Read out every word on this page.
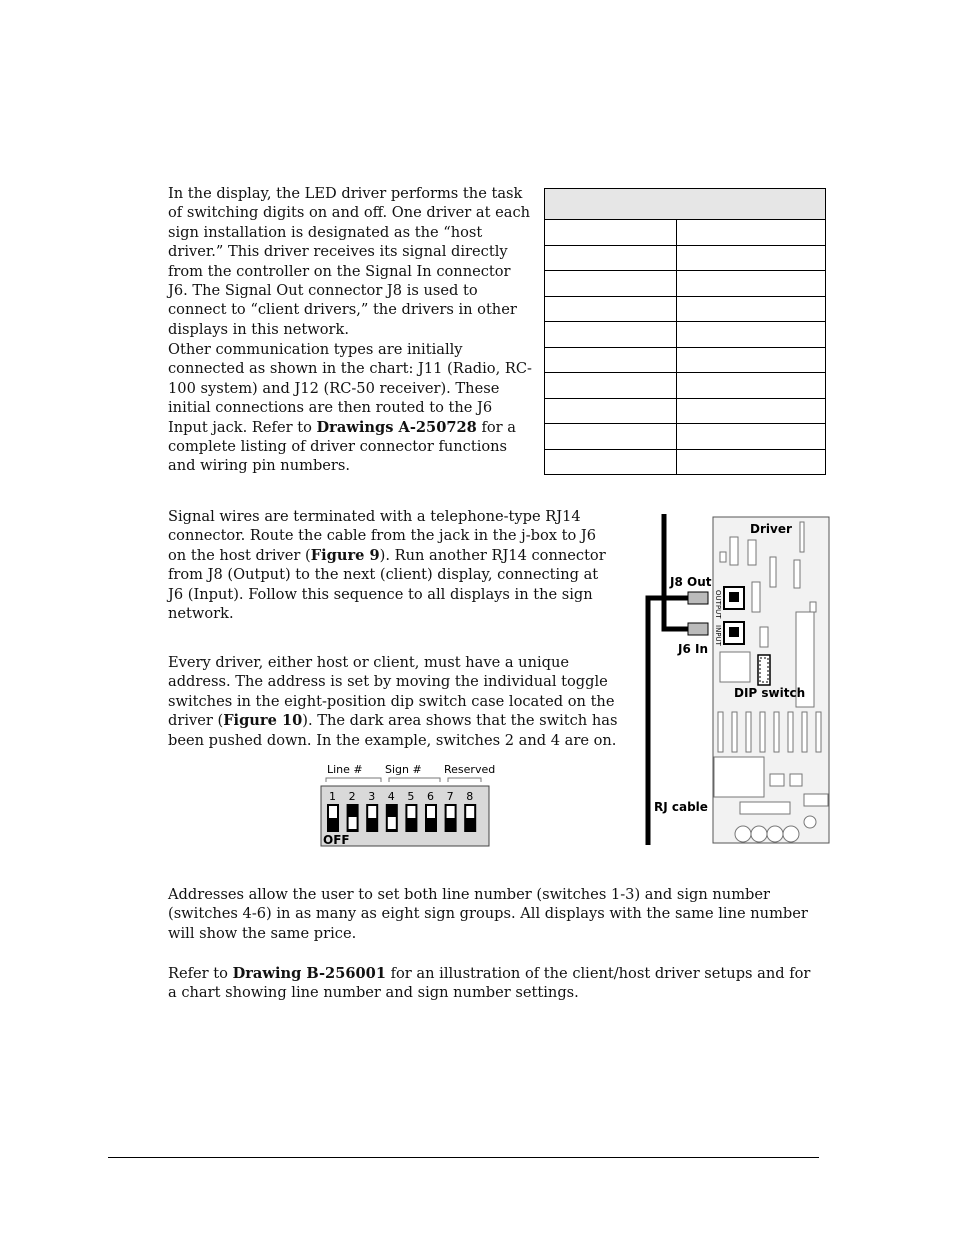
In the display, the LED driver performs the task of switching digits on and off. One driver at each sign installation is designated as the “host driver.” This driver receives its signal directly from the controller on the Signal In connector J6. The Signal Out connector J8 is used to connect to “client drivers,” the drivers in other displays in this network.

Other communication types are initially connected as shown in the chart: J11 (Radio, RC-100 system) and J12 (RC-50 receiver). These initial connections are then routed to the J6 Input jack. Refer to Drawings A-250728 for a complete listing of driver connector functions and wiring pin numbers.

Signal wires are terminated with a telephone-type RJ14 connector. Route the cable from the jack in the j-box to J6 on the host driver (Figure 9). Run another RJ14 connector from J8 (Output) to the next (client) display, connecting at J6 (Input). Follow this sequence to all displays in the sign network.

Every driver, either host or client, must have a unique address. The address is set by moving the individual toggle switches in the eight-position dip switch case located on the driver (Figure 10). The dark area shows that the switch has been pushed down. In the example, switches 2 and 4 are on.

Driver
J8 Out
J6 In
OUTPUT
INPUT
DIP switch
RJ cable
Line # Sign # Reserved
1 2 3 4 5 6 7 8
OFF

Addresses allow the user to set both line number (switches 1-3) and sign number (switches 4-6) in as many as eight sign groups. All displays with the same line number will show the same price.

Refer to Drawing B-256001 for an illustration of the client/host driver setups and for a chart showing line number and sign number settings.
